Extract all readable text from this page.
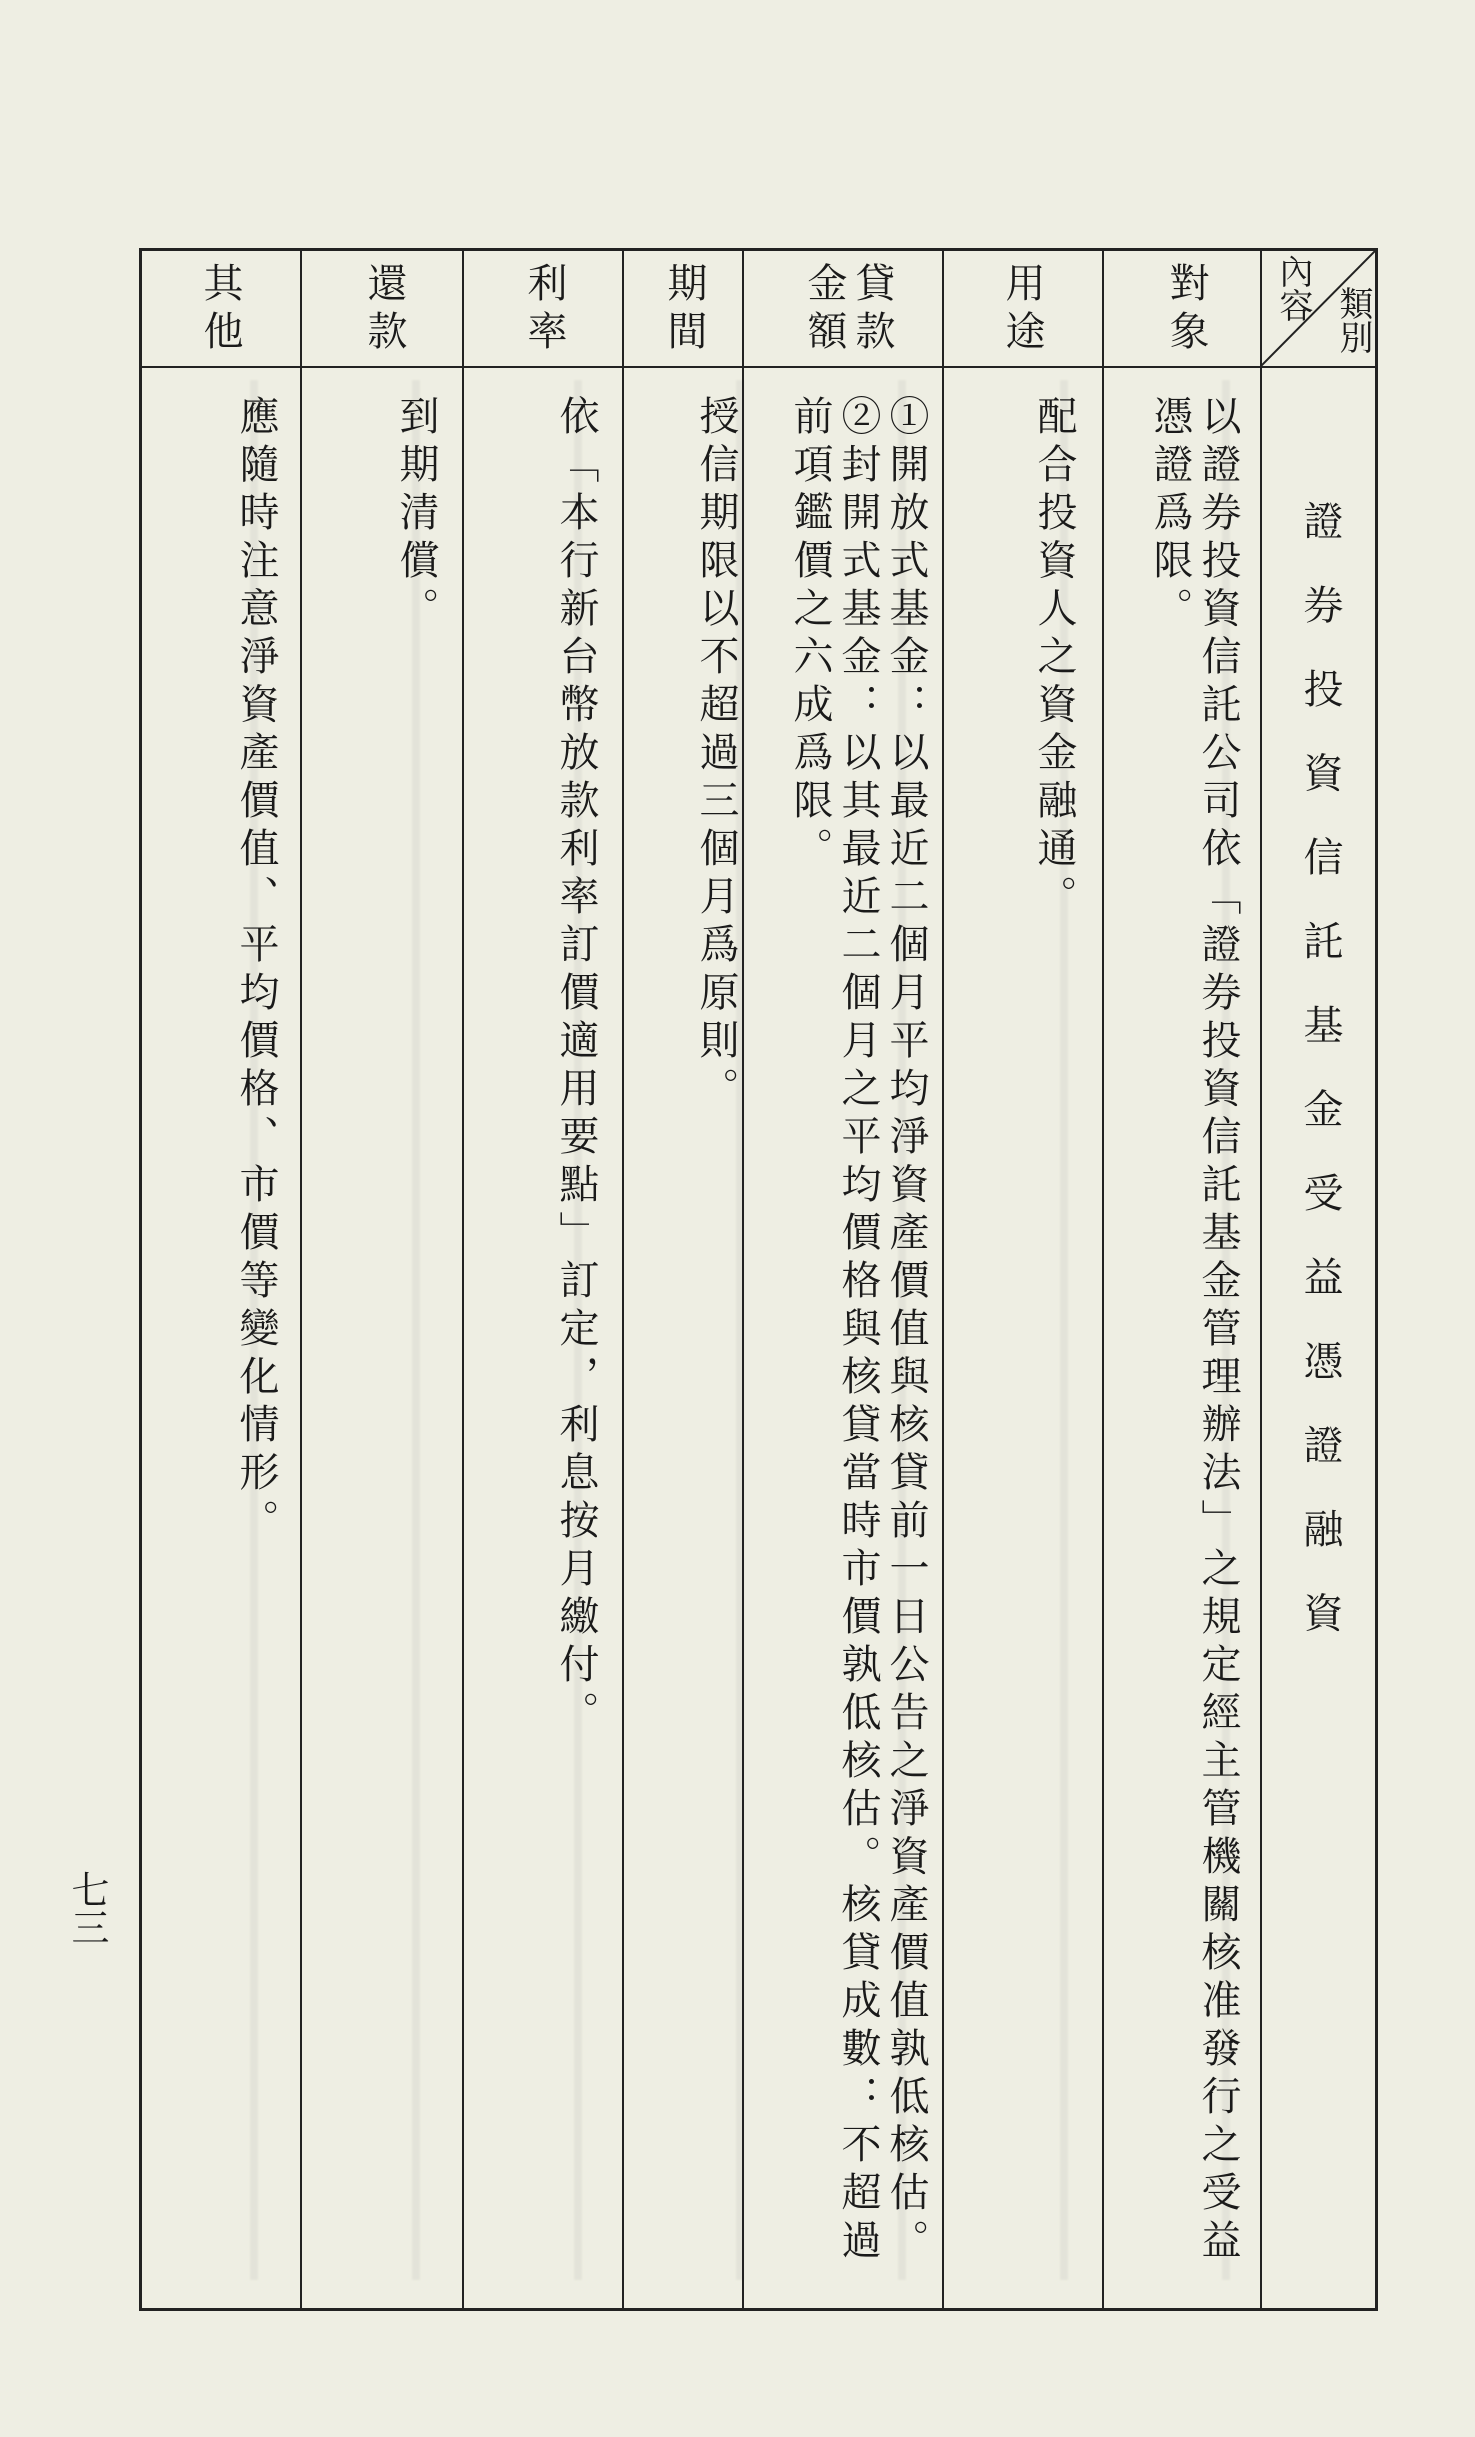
內容 類別
證券投資信託基金受益憑證融資
對象
以證券投資信託公司依「證券投資信託基金管理辦法」之規定經主管機關核准發行之受益憑證爲限。
用途
配合投資人之資金融通。
貸款金額
①開放式基金：以最近二個月平均淨資產價值與核貸前一日公告之淨資產價值孰低核估。②封開式基金：以其最近二個月之平均價格與核貸當時市價孰低核估。核貸成數：不超過前項鑑價之六成爲限。
期間
授信期限以不超過三個月爲原則。
利率
依「本行新台幣放款利率訂價適用要點」訂定，利息按月繳付。
還款
到期清償。
其他
應隨時注意淨資產價值、平均價格、市價等變化情形。
七三
